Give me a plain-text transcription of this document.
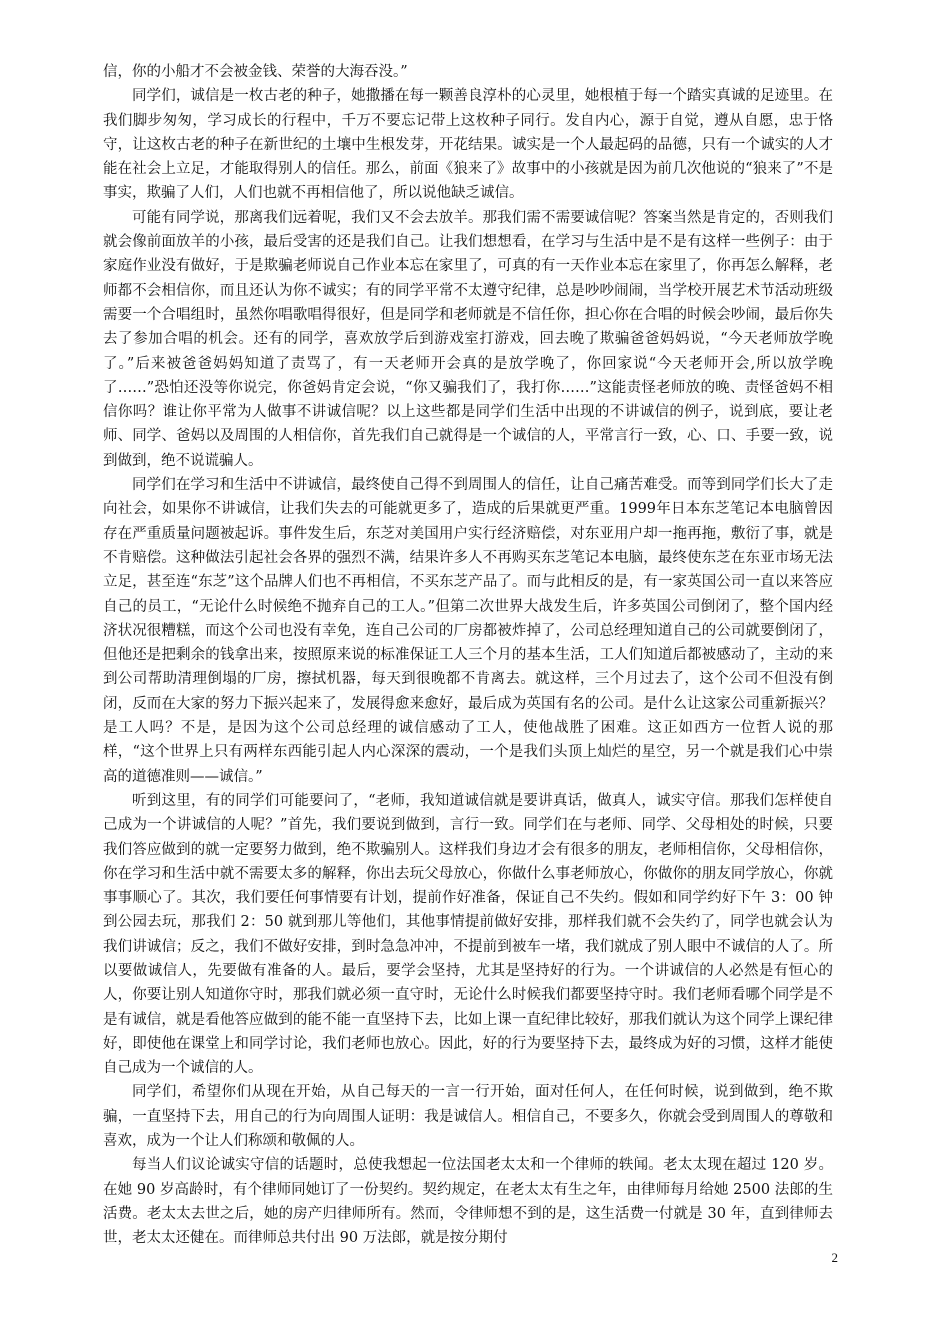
信，你的小船才不会被金钱、荣誉的大海吞没。”

同学们，诚信是一枚古老的种子，她撒播在每一颗善良淳朴的心灵里，她根植于每一个踏实真诚的足迹里。在我们脚步匆匆，学习成长的行程中，千万不要忘记带上这枚种子同行。发自内心，源于自觉，遵从自愿，忠于恪守，让这枚古老的种子在新世纪的土壤中生根发芽，开花结果。诚实是一个人最起码的品德，只有一个诚实的人才能在社会上立足，才能取得别人的信任。那么，前面《狼来了》故事中的小孩就是因为前几次他说的“狼来了”不是事实，欺骗了人们，人们也就不再相信他了，所以说他缺乏诚信。

可能有同学说，那离我们远着呢，我们又不会去放羊。那我们需不需要诚信呢？答案当然是肯定的，否则我们就会像前面放羊的小孩，最后受害的还是我们自己。让我们想想看，在学习与生活中是不是有这样一些例子：由于家庭作业没有做好，于是欺骗老师说自己作业本忘在家里了，可真的有一天作业本忘在家里了，你再怎么解释，老师都不会相信你，而且还认为你不诚实；有的同学平常不太遵守纪律，总是吵吵闹闹，当学校开展艺术节活动班级需要一个合唱组时，虽然你唱歌唱得很好，但是同学和老师就是不信任你，担心你在合唱的时候会吵闹，最后你失去了参加合唱的机会。还有的同学，喜欢放学后到游戏室打游戏，回去晚了欺骗爸爸妈妈说，“今天老师放学晚了。”后来被爸爸妈妈知道了责骂了，有一天老师开会真的是放学晚了，你回家说“今天老师开会,所以放学晚了……”恐怕还没等你说完，你爸妈肯定会说，“你又骗我们了，我打你……”这能责怪老师放的晚、责怪爸妈不相信你吗？谁让你平常为人做事不讲诚信呢？以上这些都是同学们生活中出现的不讲诚信的例子，说到底，要让老师、同学、爸妈以及周围的人相信你，首先我们自己就得是一个诚信的人，平常言行一致，心、口、手要一致，说到做到，绝不说谎骗人。

同学们在学习和生活中不讲诚信，最终使自己得不到周围人的信任，让自己痛苦难受。而等到同学们长大了走向社会，如果你不讲诚信，让我们失去的可能就更多了，造成的后果就更严重。1999年日本东芝笔记本电脑曾因存在严重质量问题被起诉。事件发生后，东芝对美国用户实行经济赔偿，对东亚用户却一拖再拖，敷衍了事，就是不肯赔偿。这种做法引起社会各界的强烈不满，结果许多人不再购买东芝笔记本电脑，最终使东芝在东亚市场无法立足，甚至连“东芝”这个品牌人们也不再相信，不买东芝产品了。而与此相反的是，有一家英国公司一直以来答应自己的员工，“无论什么时候绝不抛弃自己的工人。”但第二次世界大战发生后，许多英国公司倒闭了，整个国内经济状况很糟糕，而这个公司也没有幸免，连自己公司的厂房都被炸掉了，公司总经理知道自己的公司就要倒闭了，但他还是把剩余的钱拿出来，按照原来说的标准保证工人三个月的基本生活，工人们知道后都被感动了，主动的来到公司帮助清理倒塌的厂房，擦拭机器，每天到很晚都不肯离去。就这样，三个月过去了，这个公司不但没有倒闭，反而在大家的努力下振兴起来了，发展得愈来愈好，最后成为英国有名的公司。是什么让这家公司重新振兴？是工人吗？不是，是因为这个公司总经理的诚信感动了工人，使他战胜了困难。这正如西方一位哲人说的那样，“这个世界上只有两样东西能引起人内心深深的震动，一个是我们头顶上灿烂的星空，另一个就是我们心中崇高的道德准则——诚信。”

听到这里，有的同学们可能要问了，“老师，我知道诚信就是要讲真话，做真人，诚实守信。那我们怎样使自己成为一个讲诚信的人呢？”首先，我们要说到做到，言行一致。同学们在与老师、同学、父母相处的时候，只要我们答应做到的就一定要努力做到，绝不欺骗别人。这样我们身边才会有很多的朋友，老师相信你，父母相信你，你在学习和生活中就不需要太多的解释，你出去玩父母放心，你做什么事老师放心，你做你的朋友同学放心，你就事事顺心了。其次，我们要任何事情要有计划，提前作好准备，保证自己不失约。假如和同学约好下午 3：00 钟到公园去玩，那我们 2：50 就到那儿等他们，其他事情提前做好安排，那样我们就不会失约了，同学也就会认为我们讲诚信；反之，我们不做好安排，到时急急冲冲，不提前到被车一堵，我们就成了别人眼中不诚信的人了。所以要做诚信人，先要做有准备的人。最后，要学会坚持，尤其是坚持好的行为。一个讲诚信的人必然是有恒心的人，你要让别人知道你守时，那我们就必须一直守时，无论什么时候我们都要坚持守时。我们老师看哪个同学是不是有诚信，就是看他答应做到的能不能一直坚持下去，比如上课一直纪律比较好，那我们就认为这个同学上课纪律好，即使他在课堂上和同学讨论，我们老师也放心。因此，好的行为要坚持下去，最终成为好的习惯，这样才能使自己成为一个诚信的人。

同学们，希望你们从现在开始，从自己每天的一言一行开始，面对任何人，在任何时候，说到做到，绝不欺骗，一直坚持下去，用自己的行为向周围人证明：我是诚信人。相信自己，不要多久，你就会受到周围人的尊敬和喜欢，成为一个让人们称颂和敬佩的人。

每当人们议论诚实守信的话题时，总使我想起一位法国老太太和一个律师的轶闻。老太太现在超过 120 岁。在她 90 岁高龄时，有个律师同她订了一份契约。契约规定，在老太太有生之年，由律师每月给她 2500 法郎的生活费。老太太去世之后，她的房产归律师所有。然而，令律师想不到的是，这生活费一付就是 30 年，直到律师去世，老太太还健在。而律师总共付出 90 万法郎，就是按分期付

2
